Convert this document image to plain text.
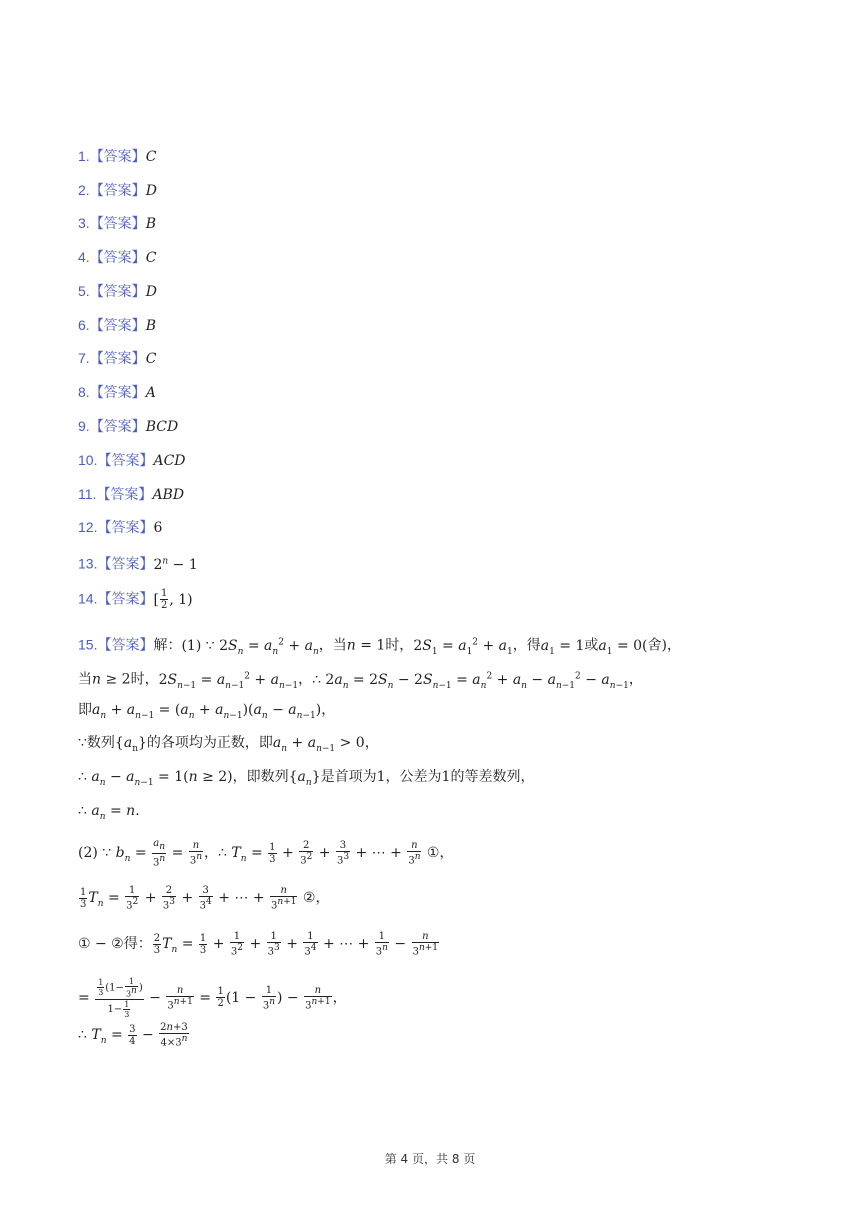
1.【答案】C
2.【答案】D
3.【答案】B
4.【答案】C
5.【答案】D
6.【答案】B
7.【答案】C
8.【答案】A
9.【答案】BCD
10.【答案】ACD
11.【答案】ABD
12.【答案】6
13.【答案】$2^n - 1$
14.【答案】[ $\frac{1}{2}$ , 1)
15.【答案】解：(1) ∵ $2S_n = a_n^2 + a_n$，当n = 1时，$2S_1 = a_1^2 + a_1$，得$a_1 = 1$或$a_1 = 0$(舍)，
当n ≥ 2时，$2S_{n-1} = a_{n-1}^2 + a_{n-1}$，∴ $2a_n = 2S_n - 2S_{n-1} = a_n^2 + a_n - a_{n-1}^2 - a_{n-1}$，
即$a_n + a_{n-1} = (a_n + a_{n-1})(a_n - a_{n-1})$，
∵数列$\{a_n\}$的各项均为正数，即$a_n + a_{n-1} > 0$，
∴ $a_n - a_{n-1} = 1(n \ge 2)$，即数列$\{a_n\}$是首项为1，公差为1的等差数列，
∴ $a_n = n$.
(2) ∵ $b_n = \frac{a_n}{3^n} = \frac{n}{3^n}$ ，∴ $T_n = \frac{1}{3} + \frac{2}{3^2} + \frac{3}{3^3}$ + ⋯ + $\frac{n}{3^n}$ ①，
$\frac{1}{3} T_n = \frac{1}{3^2} + \frac{2}{3^3} + \frac{3}{3^4}$ + ⋯ + $\frac{n}{3^{n+1}}$ ②，
① − ②得： $\frac{2}{3} T_n = \frac{1}{3} + \frac{1}{3^2} + \frac{1}{3^3} + \frac{1}{3^4}$ + ⋯ + $\frac{1}{3^n} - \frac{n}{3^{n+1}}$
= $\frac{\frac{1}{3} (1- \frac{1}{3^n} )}{1- \frac{1}{3}} - \frac{n}{3^{n+1}} = \frac{1}{2} (1 - \frac{1}{3^n}$ ) − $\frac{n}{3^{n+1}}$ ，
∴ $T_n = \frac{3}{4} - \frac{2n+3}{4\times 3^n}$
第 4 页，共 8 页
